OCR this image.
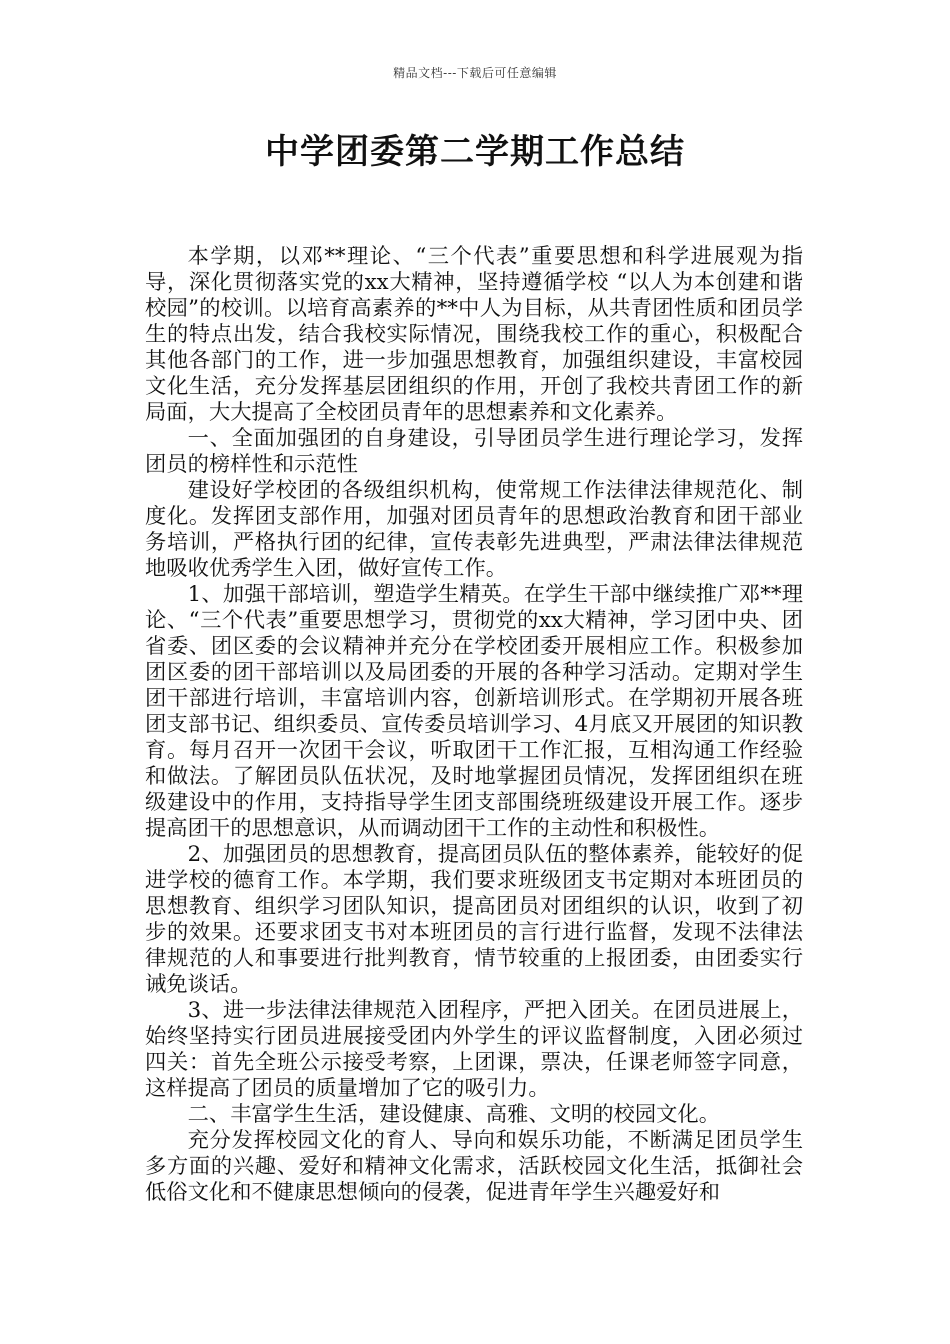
精品文档---下载后可任意编辑
中学团委第二学期工作总结

本学期，以邓**理论、“三个代表”重要思想和科学进展观为指导，深化贯彻落实党的xx大精神，坚持遵循学校 “以人为本创建和谐校园”的校训。以培育高素养的**中人为目标，从共青团性质和团员学生的特点出发，结合我校实际情况，围绕我校工作的重心，积极配合其他各部门的工作，进一步加强思想教育，加强组织建设，丰富校园文化生活，充分发挥基层团组织的作用，开创了我校共青团工作的新局面，大大提高了全校团员青年的思想素养和文化素养。

一、全面加强团的自身建设，引导团员学生进行理论学习，发挥团员的榜样性和示范性

建设好学校团的各级组织机构，使常规工作法律法律规范化、制度化。发挥团支部作用，加强对团员青年的思想政治教育和团干部业务培训，严格执行团的纪律，宣传表彰先进典型，严肃法律法律规范地吸收优秀学生入团，做好宣传工作。

1、加强干部培训，塑造学生精英。在学生干部中继续推广邓**理论、“三个代表”重要思想学习，贯彻党的xx大精神，学习团中央、团省委、团区委的会议精神并充分在学校团委开展相应工作。积极参加团区委的团干部培训以及局团委的开展的各种学习活动。定期对学生团干部进行培训，丰富培训内容，创新培训形式。在学期初开展各班团支部书记、组织委员、宣传委员培训学习、4月底又开展团的知识教育。每月召开一次团干会议，听取团干工作汇报，互相沟通工作经验和做法。了解团员队伍状况，及时地掌握团员情况，发挥团组织在班级建设中的作用，支持指导学生团支部围绕班级建设开展工作。逐步提高团干的思想意识，从而调动团干工作的主动性和积极性。

2、加强团员的思想教育，提高团员队伍的整体素养，能较好的促进学校的德育工作。本学期，我们要求班级团支书定期对本班团员的思想教育、组织学习团队知识，提高团员对团组织的认识，收到了初步的效果。还要求团支书对本班团员的言行进行监督，发现不法律法律规范的人和事要进行批判教育，情节较重的上报团委，由团委实行诫免谈话。

3、进一步法律法律规范入团程序，严把入团关。在团员进展上，始终坚持实行团员进展接受团内外学生的评议监督制度，入团必须过四关：首先全班公示接受考察，上团课，票决，任课老师签字同意，这样提高了团员的质量增加了它的吸引力。

二、丰富学生生活，建设健康、高雅、文明的校园文化。

充分发挥校园文化的育人、导向和娱乐功能，不断满足团员学生多方面的兴趣、爱好和精神文化需求，活跃校园文化生活，抵御社会低俗文化和不健康思想倾向的侵袭，促进青年学生兴趣爱好和
